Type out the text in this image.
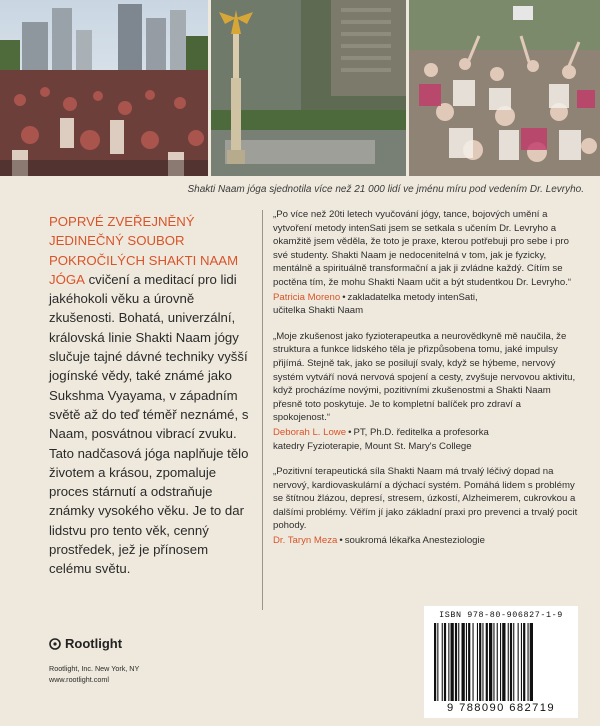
Shakti Naam jóga sjednotila více než 21 000 lidí ve jménu míru pod vedením Dr. Levryho.
POPRVÉ ZVEŘEJNĚNÝ JEDINEČNÝ SOUBOR POKROČILÝCH SHAKTI NAAM JÓGA cvičení a meditací pro lidi jakéhokoli věku a úrovně zkušenosti. Bohatá, univerzální, královská linie Shakti Naam jógy slučuje tajné dávné techniky vyšší jogínské vědy, také známé jako Sukshma Vyayama, v západním světě až do teď téměř neznámé, s Naam, posvátnou vibrací zvuku. Tato nadčasová jóga naplňuje tělo životem a krásou, zpomaluje proces stárnutí a odstraňuje známky vysokého věku. Je to dar lidstvu pro tento věk, cenný prostředek, jež je přínosem celému světu.

„Po více než 20ti letech vyučování jógy, tance, bojových umění a vytvoření metody intenSati jsem se setkala s učením Dr. Levryho a okamžitě jsem věděla, že toto je praxe, kterou potřebuji pro sebe i pro své studenty. Shakti Naam je nedocenitelná v tom, jak je fyzicky, mentálně a spirituálně transformační a jak ji zvládne každý. Cítím se poctěna tím, že mohu Shakti Naam učit a být studentkou Dr. Levryho.“

Patricia Moreno • zakladatelka metody intenSati,
učitelka Shakti Naam

„Moje zkušenost jako fyzioterapeutka a neurovědkyně mě naučila, že struktura a funkce lidského těla je přizpůsobena tomu, jaké impulsy přijímá. Stejně tak, jako se posilují svaly, když se hýbeme, nervový systém vytváří nová nervová spojení a cesty, zvyšuje nervovou aktivitu, když procházíme novými, pozitivními zkušenostmi a Shakti Naam přesně toto poskytuje. Je to kompletní balíček pro zdraví a spokojenost.“

Deborah L. Lowe • PT, Ph.D. ředitelka a profesorka
katedry Fyzioterapie, Mount St. Mary's College

„Pozitivní terapeutická síla Shakti Naam má trvalý léčivý dopad na nervový, kardiovaskulární a dýchací systém. Pomáhá lidem s problémy se štítnou žlázou, depresí, stresem, úzkostí, Alzheimerem, cukrovkou a dalšími problémy. Věřím jí jako základní praxi pro prevenci a trvalý pocit pohody.

Dr. Taryn Meza • soukromá lékařka Anesteziologie
Rootlight
Rootlight, Inc. New York, NY
www.rootlight.coml
ISBN 978-80-906827-1-9
9 788090 682719
